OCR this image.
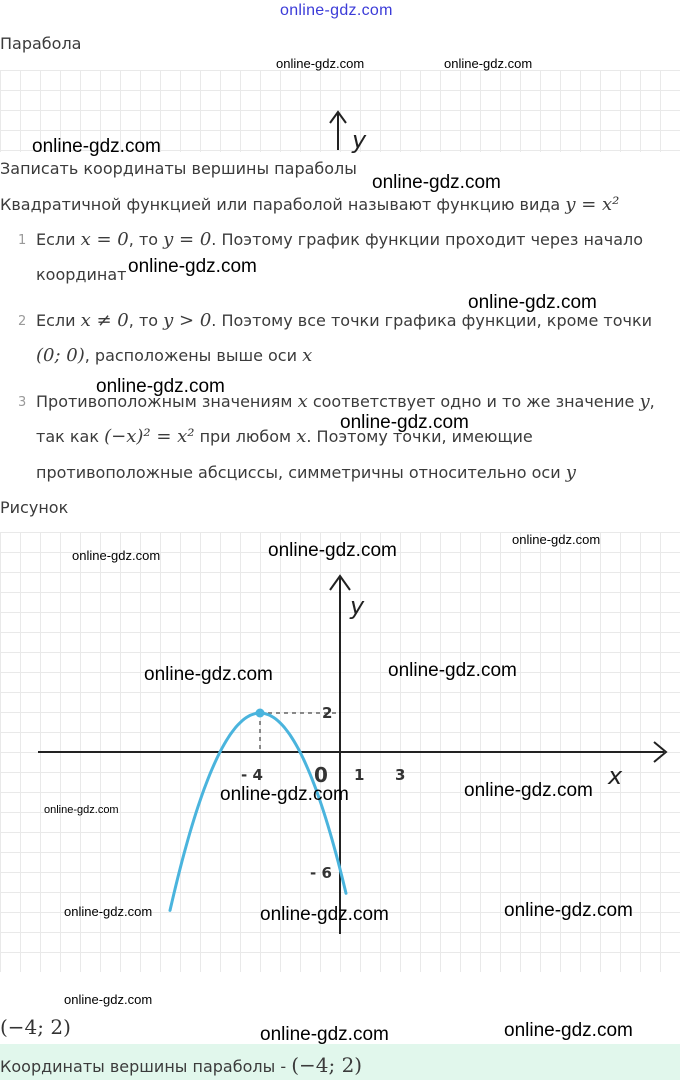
online-gdz.com
Парабола
y
Записать координаты вершины параболы
Квадратичной функцией или параболой называют функцию вида y = x²
1 Если x = 0, то y = 0. Поэтому график функции проходит через начало
координат
2 Если x ≠ 0, то y > 0. Поэтому все точки графика функции, кроме точки
(0; 0), расположены выше оси x
3 Противоположным значениям x соответствует одно и то же значение y,
так как (−x)² = x² при любом x. Поэтому точки, имеющие
противоположные абсциссы, симметричны относительно оси y
Рисунок
y
x
- 4	0 1 3
2
- 6
(−4; 2)
Координаты вершины параболы - (−4; 2)
online-gdz.com	online-gdz.com
online-gdz.com
online-gdz.com
online-gdz.com
online-gdz.com
online-gdz.com
online-gdz.com
online-gdz.com	online-gdz.com
online-gdz.com
online-gdz.com	online-gdz.com
online-gdz.com	online-gdz.com
online-gdz.com
online-gdz.com	online-gdz.com	online-gdz.com
online-gdz.com
online-gdz.com	online-gdz.com
